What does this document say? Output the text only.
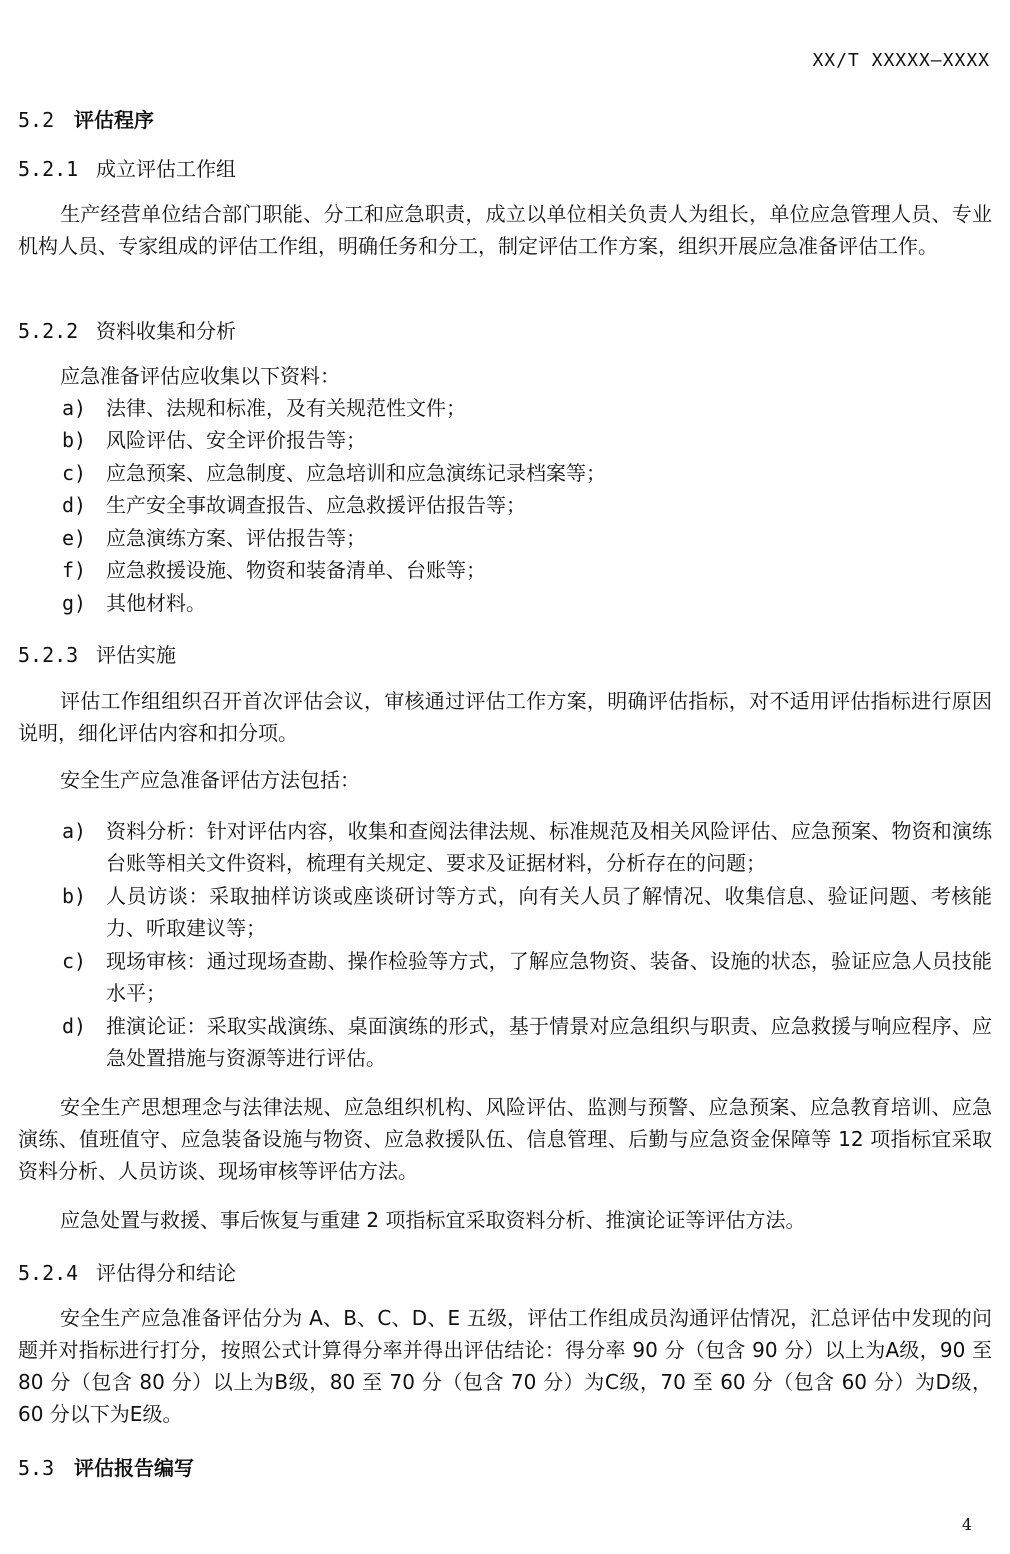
XX/T XXXXX—XXXX
5.2 评估程序
5.2.1 成立评估工作组
生产经营单位结合部门职能、分工和应急职责，成立以单位相关负责人为组长，单位应急管理人员、专业机构人员、专家组成的评估工作组，明确任务和分工，制定评估工作方案，组织开展应急准备评估工作。
5.2.2 资料收集和分析
应急准备评估应收集以下资料：
a) 法律、法规和标准，及有关规范性文件；
b) 风险评估、安全评价报告等；
c) 应急预案、应急制度、应急培训和应急演练记录档案等；
d) 生产安全事故调查报告、应急救援评估报告等；
e) 应急演练方案、评估报告等；
f) 应急救援设施、物资和装备清单、台账等；
g) 其他材料。
5.2.3 评估实施
评估工作组组织召开首次评估会议，审核通过评估工作方案，明确评估指标，对不适用评估指标进行原因说明，细化评估内容和扣分项。
安全生产应急准备评估方法包括：
a) 资料分析：针对评估内容，收集和查阅法律法规、标准规范及相关风险评估、应急预案、物资和演练台账等相关文件资料，梳理有关规定、要求及证据材料，分析存在的问题；
b) 人员访谈：采取抽样访谈或座谈研讨等方式，向有关人员了解情况、收集信息、验证问题、考核能力、听取建议等；
c) 现场审核：通过现场查勘、操作检验等方式，了解应急物资、装备、设施的状态，验证应急人员技能水平；
d) 推演论证：采取实战演练、桌面演练的形式，基于情景对应急组织与职责、应急救援与响应程序、应急处置措施与资源等进行评估。
安全生产思想理念与法律法规、应急组织机构、风险评估、监测与预警、应急预案、应急教育培训、应急演练、值班值守、应急装备设施与物资、应急救援队伍、信息管理、后勤与应急资金保障等 12 项指标宜采取资料分析、人员访谈、现场审核等评估方法。
应急处置与救援、事后恢复与重建 2 项指标宜采取资料分析、推演论证等评估方法。
5.2.4 评估得分和结论
安全生产应急准备评估分为 A、B、C、D、E 五级，评估工作组成员沟通评估情况，汇总评估中发现的问题并对指标进行打分，按照公式计算得分率并得出评估结论：得分率 90 分（包含 90 分）以上为A级，90 至 80 分（包含 80 分）以上为B级，80 至 70 分（包含 70 分）为C级，70 至 60 分（包含 60 分）为D级，60 分以下为E级。
5.3 评估报告编写
4
